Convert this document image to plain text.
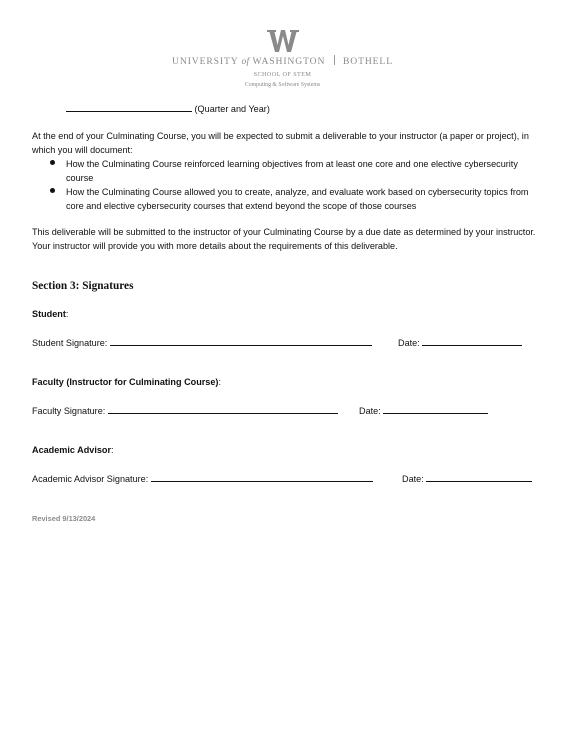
UNIVERSITY of WASHINGTON BOTHELL
SCHOOL OF STEM
Computing & Software Systems
(Quarter and Year)
At the end of your Culminating Course, you will be expected to submit a deliverable to your instructor (a paper or project), in which you will document:
How the Culminating Course reinforced learning objectives from at least one core and one elective cybersecurity course
How the Culminating Course allowed you to create, analyze, and evaluate work based on cybersecurity topics from core and elective cybersecurity courses that extend beyond the scope of those courses
This deliverable will be submitted to the instructor of your Culminating Course by a due date as determined by your instructor. Your instructor will provide you with more details about the requirements of this deliverable.
Section 3: Signatures
Student:
Student Signature:	Date:
Faculty (Instructor for Culminating Course):
Faculty Signature:	Date:
Academic Advisor:
Academic Advisor Signature:	Date:
Revised 9/13/2024
